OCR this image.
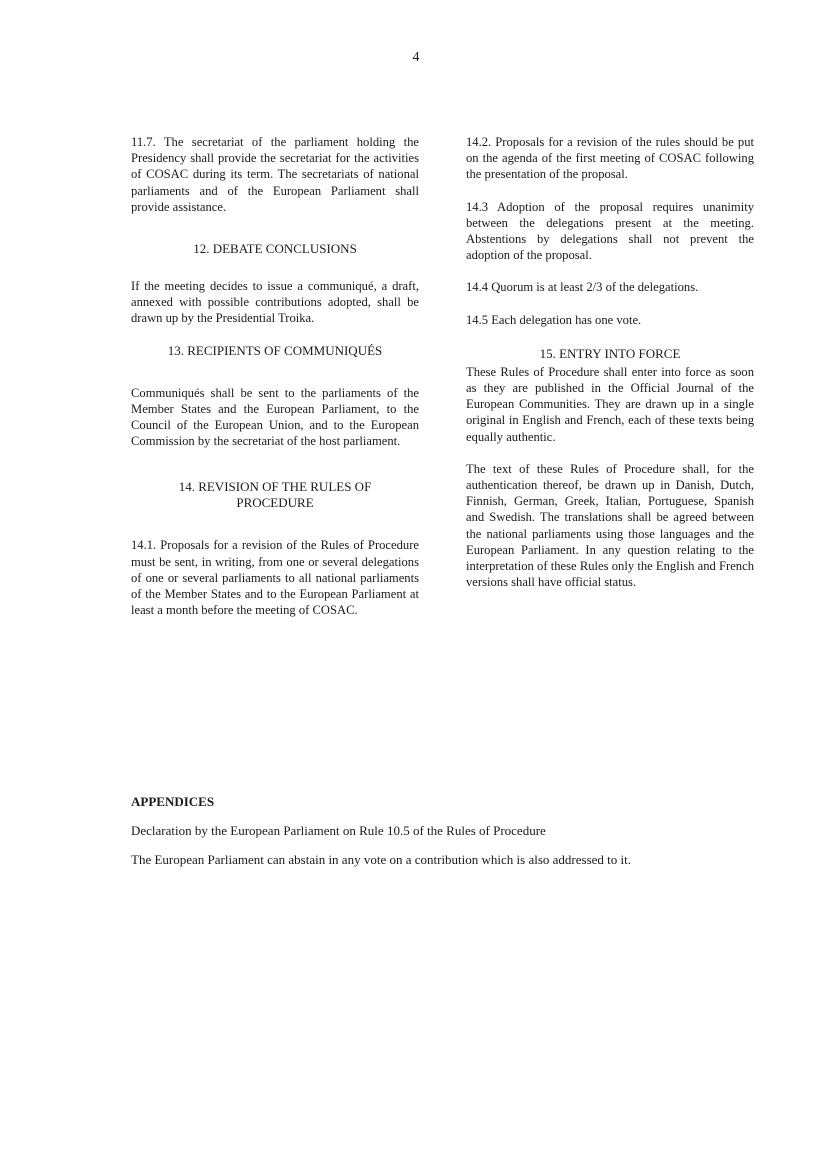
4

11.7. The secretariat of the parliament holding the Presidency shall provide the secretariat for the activities of COSAC during its term. The secretariats of national parliaments and of the European Parliament shall provide assistance.

12. DEBATE CONCLUSIONS

If the meeting decides to issue a communiqué, a draft, annexed with possible contributions adopted, shall be drawn up by the Presidential Troika.

13. RECIPIENTS OF COMMUNIQUÉS

Communiqués shall be sent to the parliaments of the Member States and the European Parliament, to the Council of the European Union, and to the European Commission by the secretariat of the host parliament.

14. REVISION OF THE RULES OF
PROCEDURE

14.1. Proposals for a revision of the Rules of Procedure must be sent, in writing, from one or several delegations of one or several parliaments to all national parliaments of the Member States and to the European Parliament at least a month before the meeting of COSAC.

14.2. Proposals for a revision of the rules should be put on the agenda of the first meeting of COSAC following the presentation of the proposal.

14.3 Adoption of the proposal requires unanimity between the delegations present at the meeting. Abstentions by delegations shall not prevent the adoption of the proposal.

14.4 Quorum is at least 2/3 of the delegations.

14.5 Each delegation has one vote.

15. ENTRY INTO FORCE

These Rules of Procedure shall enter into force as soon as they are published in the Official Journal of the European Communities. They are drawn up in a single original in English and French, each of these texts being equally authentic.

The text of these Rules of Procedure shall, for the authentication thereof, be drawn up in Danish, Dutch, Finnish, German, Greek, Italian, Portuguese, Spanish and Swedish. The translations shall be agreed between the national parliaments using those languages and the European Parliament. In any question relating to the interpretation of these Rules only the English and French versions shall have official status.

APPENDICES

Declaration by the European Parliament on Rule 10.5 of the Rules of Procedure

The European Parliament can abstain in any vote on a contribution which is also addressed to it.
